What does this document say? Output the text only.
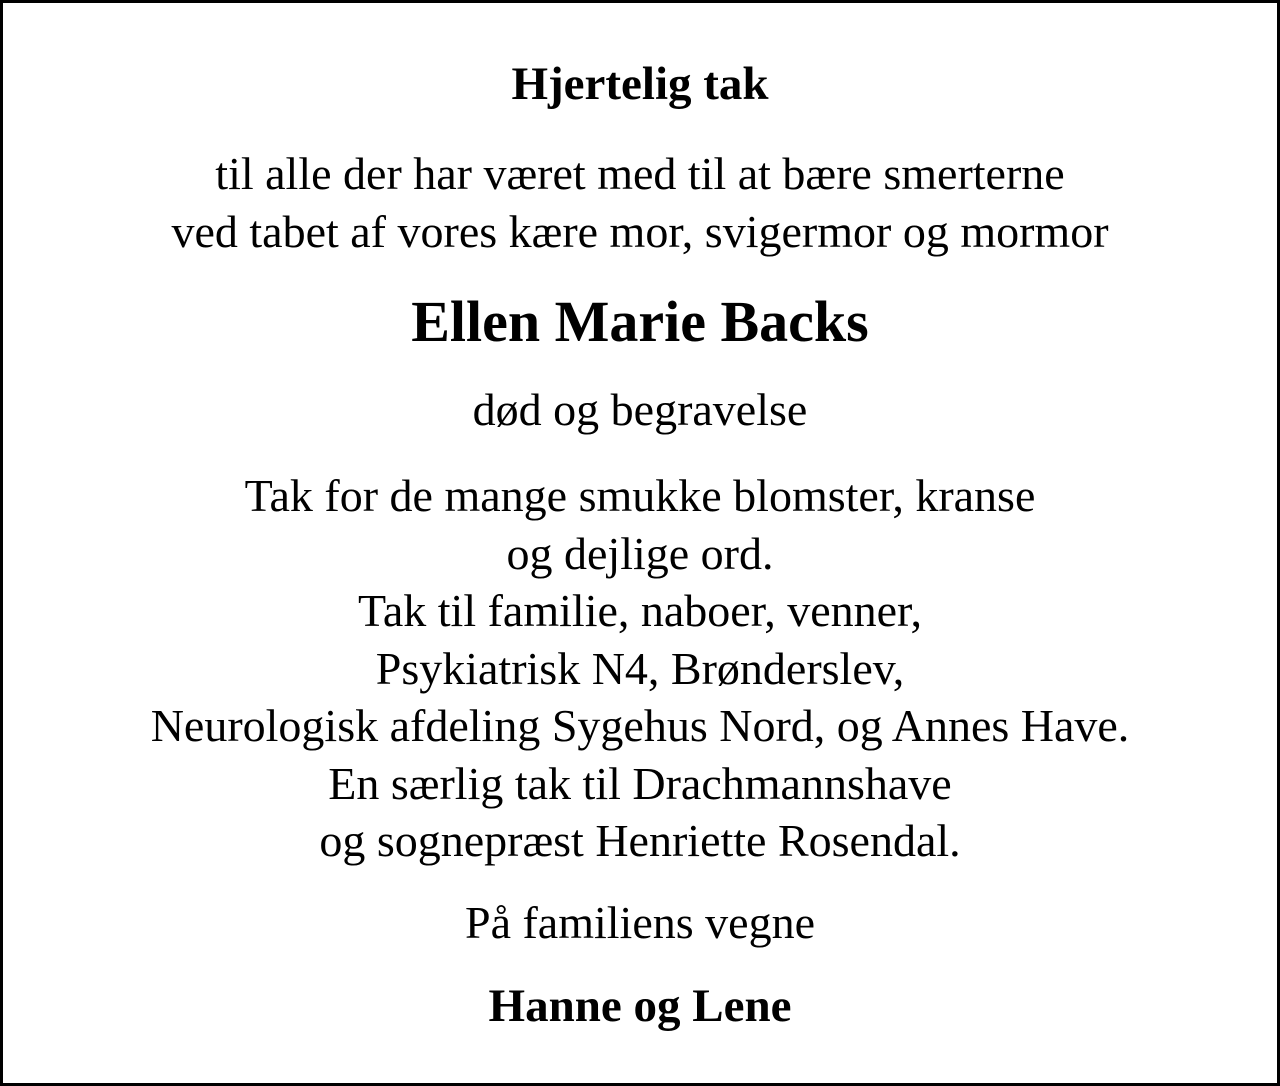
Hjertelig tak
til alle der har været med til at bære smerterne
ved tabet af vores kære mor, svigermor og mormor
Ellen Marie Backs
død og begravelse
Tak for de mange smukke blomster, kranse
og dejlige ord.
Tak til familie, naboer, venner,
Psykiatrisk N4, Brønderslev,
Neurologisk afdeling Sygehus Nord, og Annes Have.
En særlig tak til Drachmannshave
og sognepræst Henriette Rosendal.
På familiens vegne
Hanne og Lene
